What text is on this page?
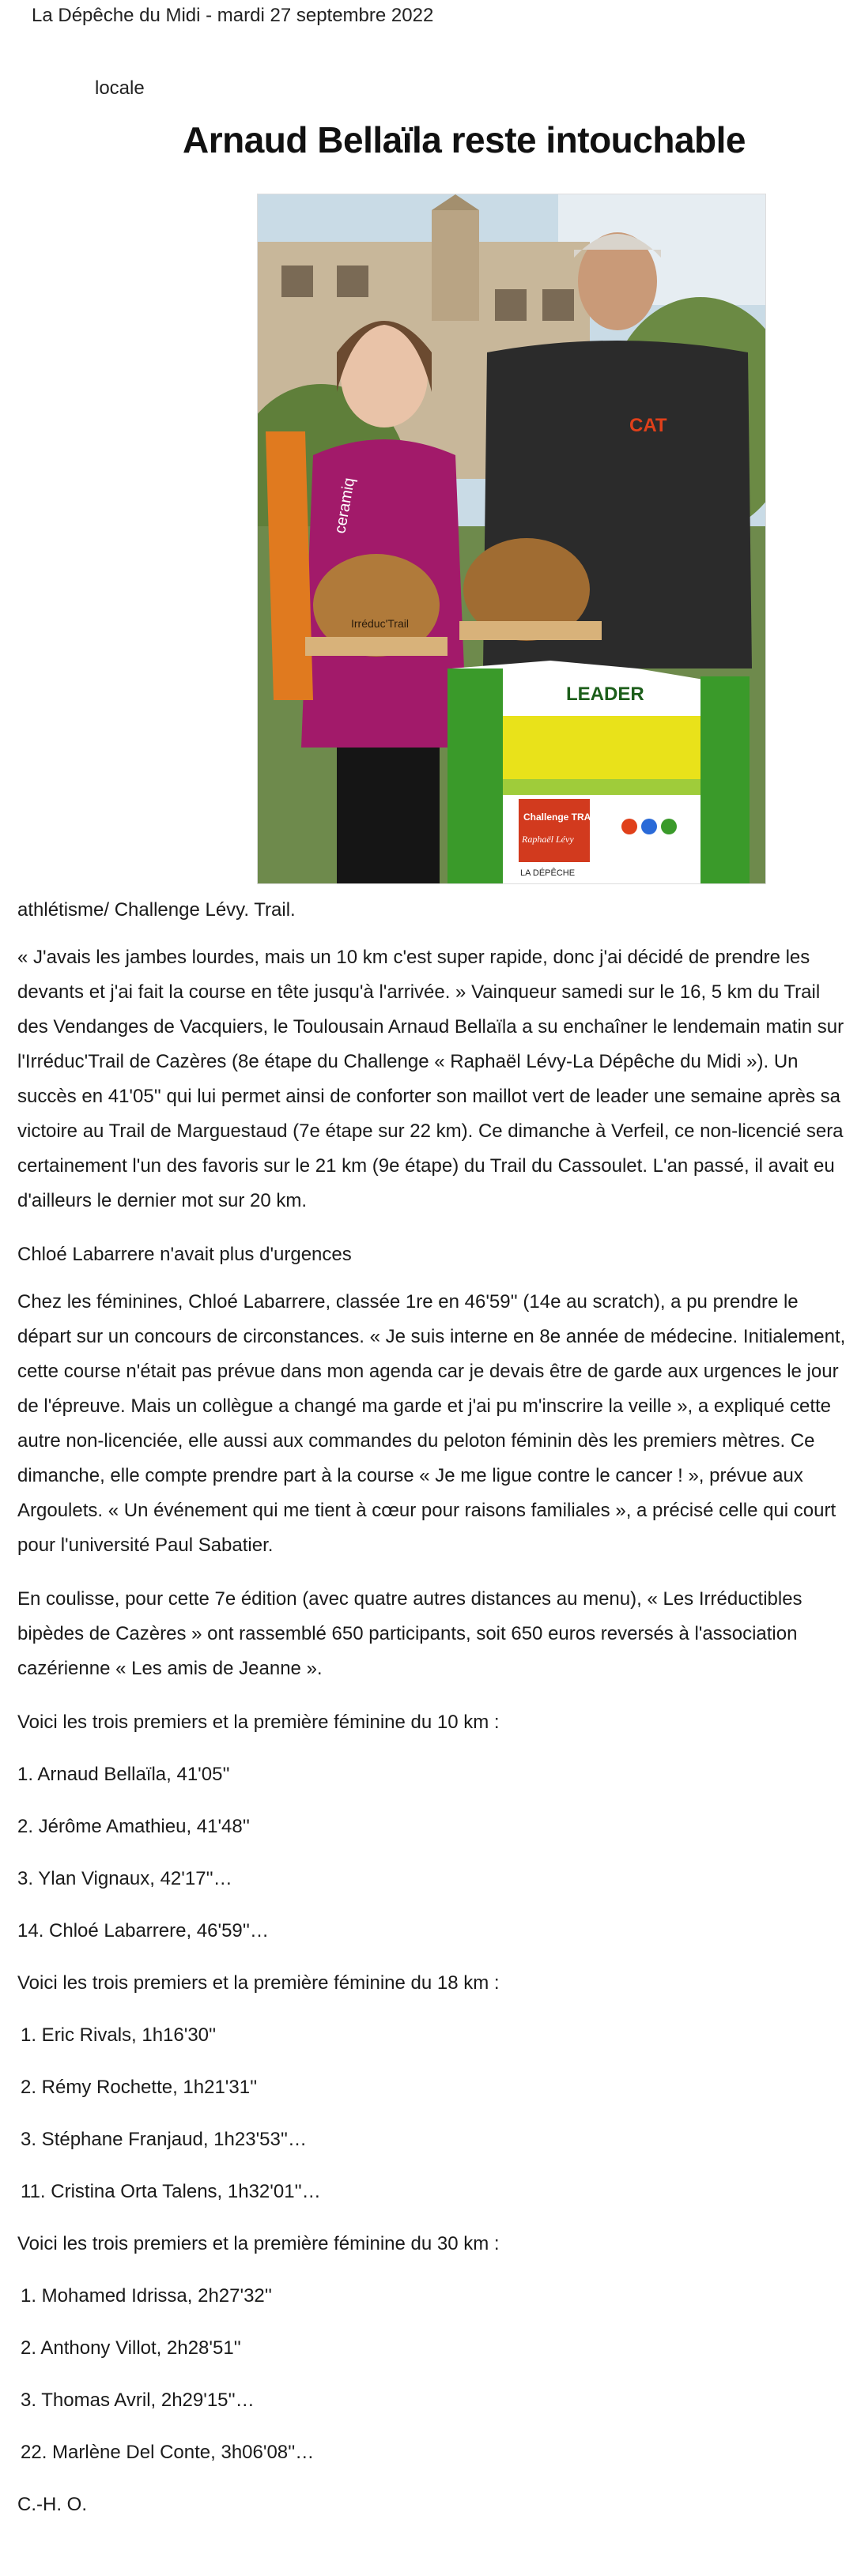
La Dépêche du Midi - mardi 27 septembre 2022
locale
Arnaud Bellaïla reste intouchable
ceramiq
CAT
Irréduc'Trail
LEADER
Challenge TRAIL
Raphaël Lévy
LA DÉPÊCHE

athlétisme/ Challenge Lévy. Trail.

« J'avais les jambes lourdes, mais un 10 km c'est super rapide, donc j'ai décidé de prendre les devants et j'ai fait la course en tête jusqu'à l'arrivée. » Vainqueur samedi sur le 16, 5 km du Trail des Vendanges de Vacquiers, le Toulousain Arnaud Bellaïla a su enchaîner le lendemain matin sur l'Irréduc'Trail de Cazères (8e étape du Challenge « Raphaël Lévy-La Dépêche du Midi »). Un succès en 41'05'' qui lui permet ainsi de conforter son maillot vert de leader une semaine après sa victoire au Trail de Marguestaud (7e étape sur 22 km). Ce dimanche à Verfeil, ce non-licencié sera certainement l'un des favoris sur le 21 km (9e étape) du Trail du Cassoulet. L'an passé, il avait eu d'ailleurs le dernier mot sur 20 km.

Chloé Labarrere n'avait plus d'urgences

Chez les féminines, Chloé Labarrere, classée 1re en 46'59'' (14e au scratch), a pu prendre le départ sur un concours de circonstances. « Je suis interne en 8e année de médecine. Initialement, cette course n'était pas prévue dans mon agenda car je devais être de garde aux urgences le jour de l'épreuve. Mais un collègue a changé ma garde et j'ai pu m'inscrire la veille », a expliqué cette autre non-licenciée, elle aussi aux commandes du peloton féminin dès les premiers mètres. Ce dimanche, elle compte prendre part à la course « Je me ligue contre le cancer ! », prévue aux Argoulets. « Un événement qui me tient à cœur pour raisons familiales », a précisé celle qui court pour l'université Paul Sabatier.

En coulisse, pour cette 7e édition (avec quatre autres distances au menu), « Les Irréductibles bipèdes de Cazères » ont rassemblé 650 participants, soit 650 euros reversés à l'association cazérienne « Les amis de Jeanne ».

Voici les trois premiers et la première féminine du 10 km :

1. Arnaud Bellaïla, 41'05''

2. Jérôme Amathieu, 41'48''

3. Ylan Vignaux, 42'17''…

14. Chloé Labarrere, 46'59''…

Voici les trois premiers et la première féminine du 18 km :

1. Eric Rivals, 1h16'30''

2. Rémy Rochette, 1h21'31''

3. Stéphane Franjaud, 1h23'53''…

11. Cristina Orta Talens, 1h32'01''…

Voici les trois premiers et la première féminine du 30 km :

1. Mohamed Idrissa, 2h27'32''

2. Anthony Villot, 2h28'51''

3. Thomas Avril, 2h29'15''…

22. Marlène Del Conte, 3h06'08''…

C.-H. O.
